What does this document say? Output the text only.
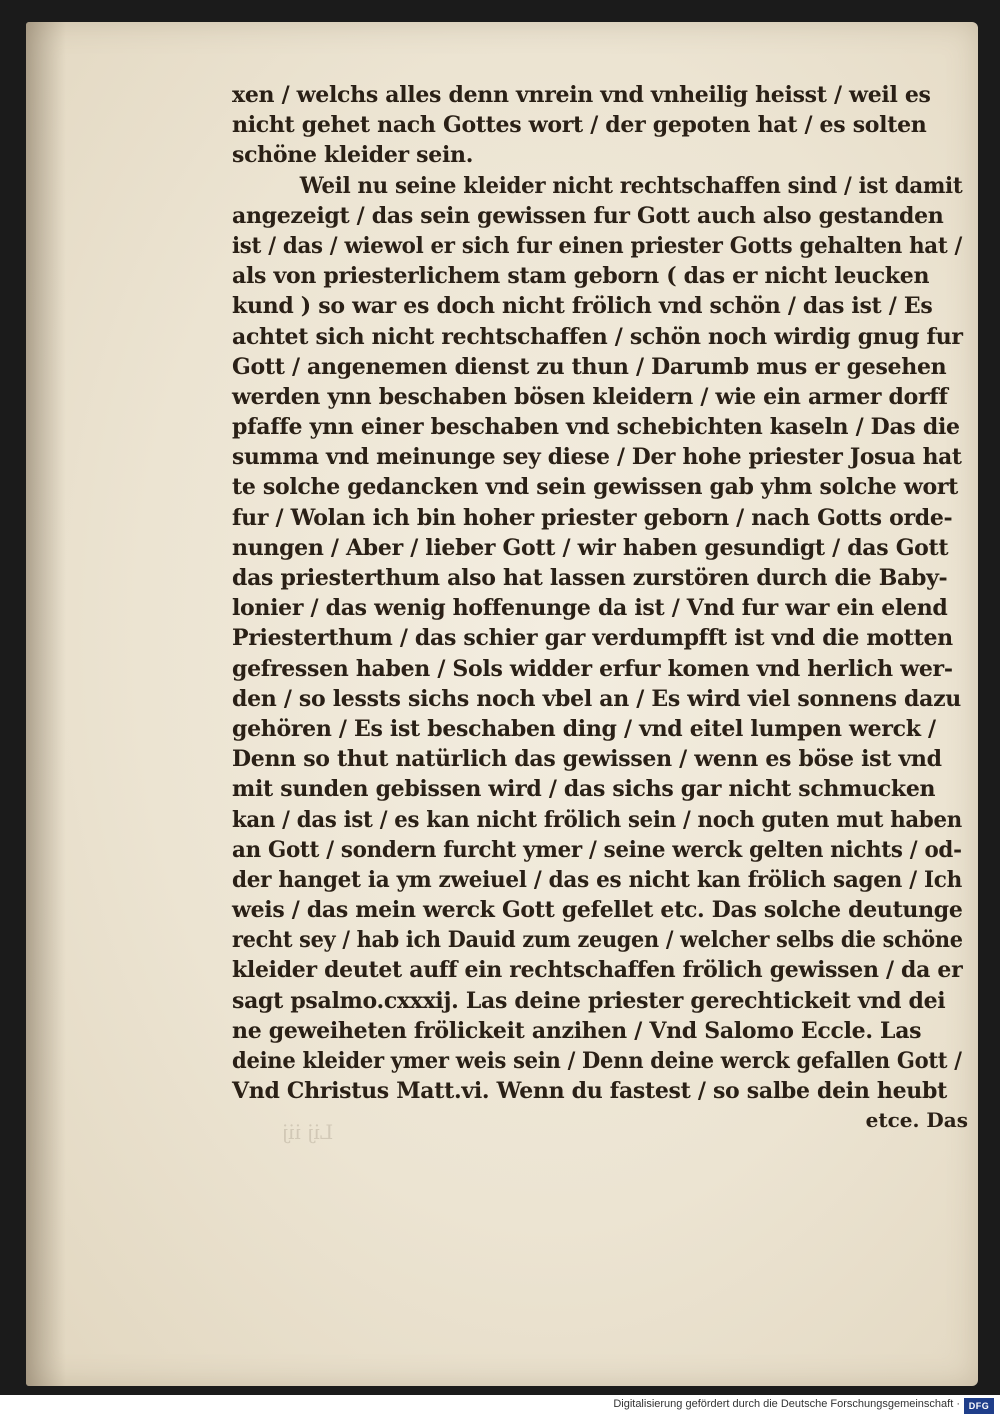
Lij iij
xen / welchs alles denn vnrein vnd vnheilig heisst / weil es
nicht gehet nach Gottes wort / der gepoten hat / es solten
schöne kleider sein.
Weil nu seine kleider nicht rechtschaffen sind / ist damit
angezeigt / das sein gewissen fur Gott auch also gestanden
ist / das / wiewol er sich fur einen priester Gotts gehalten hat /
als von priesterlichem stam geborn ( das er nicht leucken
kund ) so war es doch nicht frölich vnd schön / das ist / Es
achtet sich nicht rechtschaffen / schön noch wirdig gnug fur
Gott / angenemen dienst zu thun / Darumb mus er gesehen
werden ynn beschaben bösen kleidern / wie ein armer dorff
pfaffe ynn einer beschaben vnd schebichten kaseln / Das die
summa vnd meinunge sey diese / Der hohe priester Josua hat
te solche gedancken vnd sein gewissen gab yhm solche wort
fur / Wolan ich bin hoher priester geborn / nach Gotts orde-
nungen / Aber / lieber Gott / wir haben gesundigt / das Gott
das priesterthum also hat lassen zurstören durch die Baby-
lonier / das wenig hoffenunge da ist / Vnd fur war ein elend
Priesterthum / das schier gar verdumpfft ist vnd die motten
gefressen haben / Sols widder erfur komen vnd herlich wer-
den / so lessts sichs noch vbel an / Es wird viel sonnens dazu
gehören / Es ist beschaben ding / vnd eitel lumpen werck /
Denn so thut natürlich das gewissen / wenn es böse ist vnd
mit sunden gebissen wird / das sichs gar nicht schmucken
kan / das ist / es kan nicht frölich sein / noch guten mut haben
an Gott / sondern furcht ymer / seine werck gelten nichts / od-
der hanget ia ym zweiuel / das es nicht kan frölich sagen / Ich
weis / das mein werck Gott gefellet etc. Das solche deutunge
recht sey / hab ich Dauid zum zeugen / welcher selbs die schöne
kleider deutet auff ein rechtschaffen frölich gewissen / da er
sagt psalmo.cxxxij. Las deine priester gerechtickeit vnd dei
ne geweiheten frölickeit anzihen / Vnd Salomo Eccle. Las
deine kleider ymer weis sein / Denn deine werck gefallen Gott /
Vnd Christus Matt.vi. Wenn du fastest / so salbe dein heubt
etce. Das
Digitalisierung gefördert durch die Deutsche Forschungsgemeinschaft · DFG
